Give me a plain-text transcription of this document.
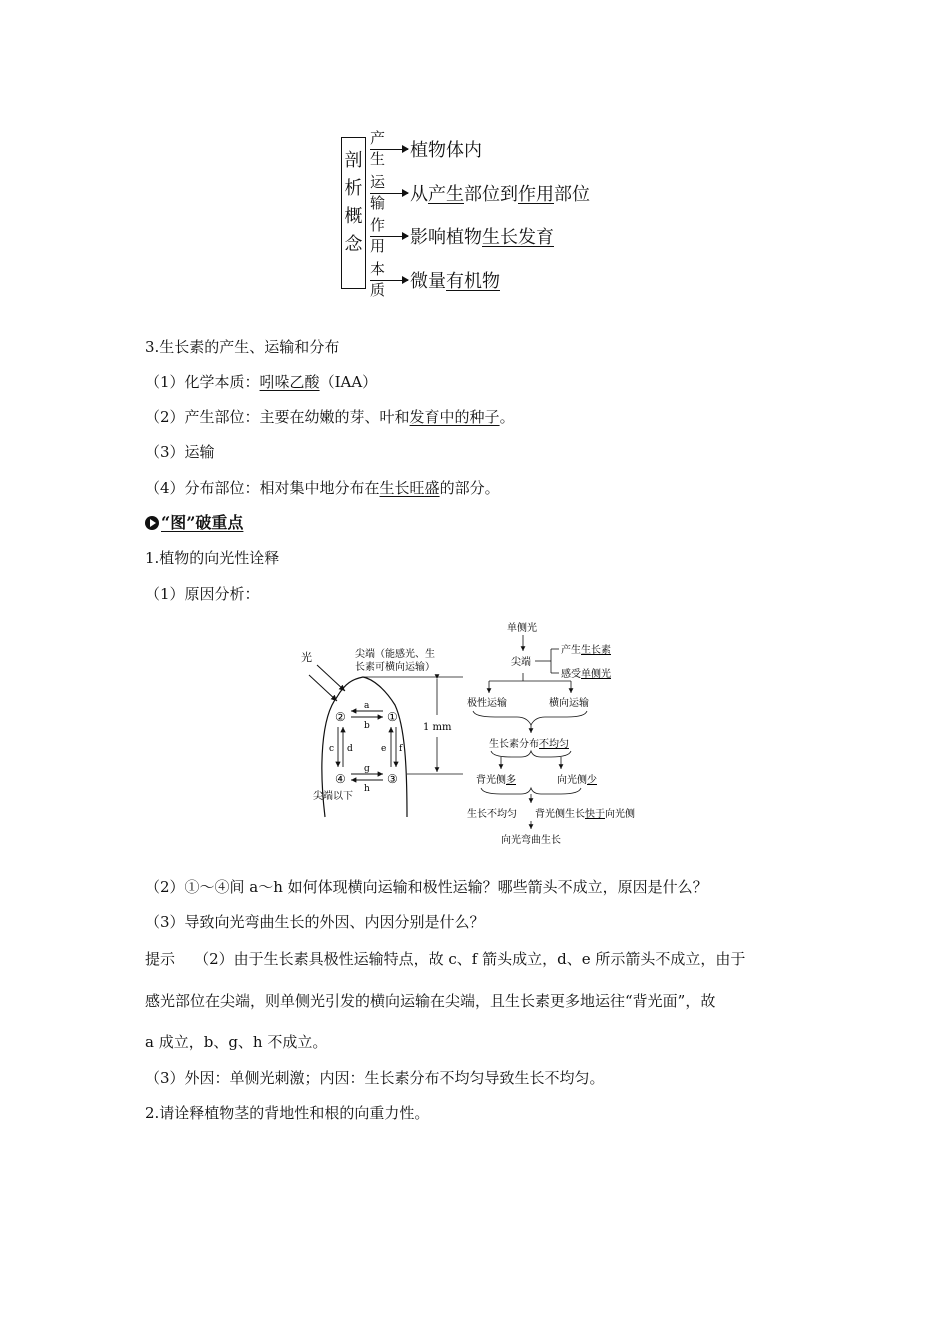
剖
析
概
念
产生 植物体内
运输 从产生部位到作用部位
作用 影响植物生长发育
本质 微量有机物
3.生长素的产生、运输和分布
（1）化学本质：吲哚乙酸（IAA）
（2）产生部位：主要在幼嫩的芽、叶和发育中的种子。
（3）运输
（4）分布部位：相对集中地分布在生长旺盛的部分。
“图”破重点
1.植物的向光性诠释
（1）原因分析：
光	尖端（能感光、生
长素可横向运输）
②	①
④	③
a
b
c d	e f
g
h
尖端以下
1 mm
单侧光
尖端
产生生长素
感受单侧光
极性运输	横向运输
生长素分布不均匀
背光侧多	向光侧少
生长不均匀 背光侧生长快于向光侧
向光弯曲生长
（2）①～④间 a～h 如何体现横向运输和极性运输？哪些箭头不成立，原因是什么？
（3）导致向光弯曲生长的外因、内因分别是什么？
提示    （2）由于生长素具极性运输特点，故 c、f 箭头成立，d、e 所示箭头不成立，由于
感光部位在尖端，则单侧光引发的横向运输在尖端，且生长素更多地运往“背光面”，故
a 成立，b、g、h 不成立。
（3）外因：单侧光刺激；内因：生长素分布不均匀导致生长不均匀。
2.请诠释植物茎的背地性和根的向重力性。
